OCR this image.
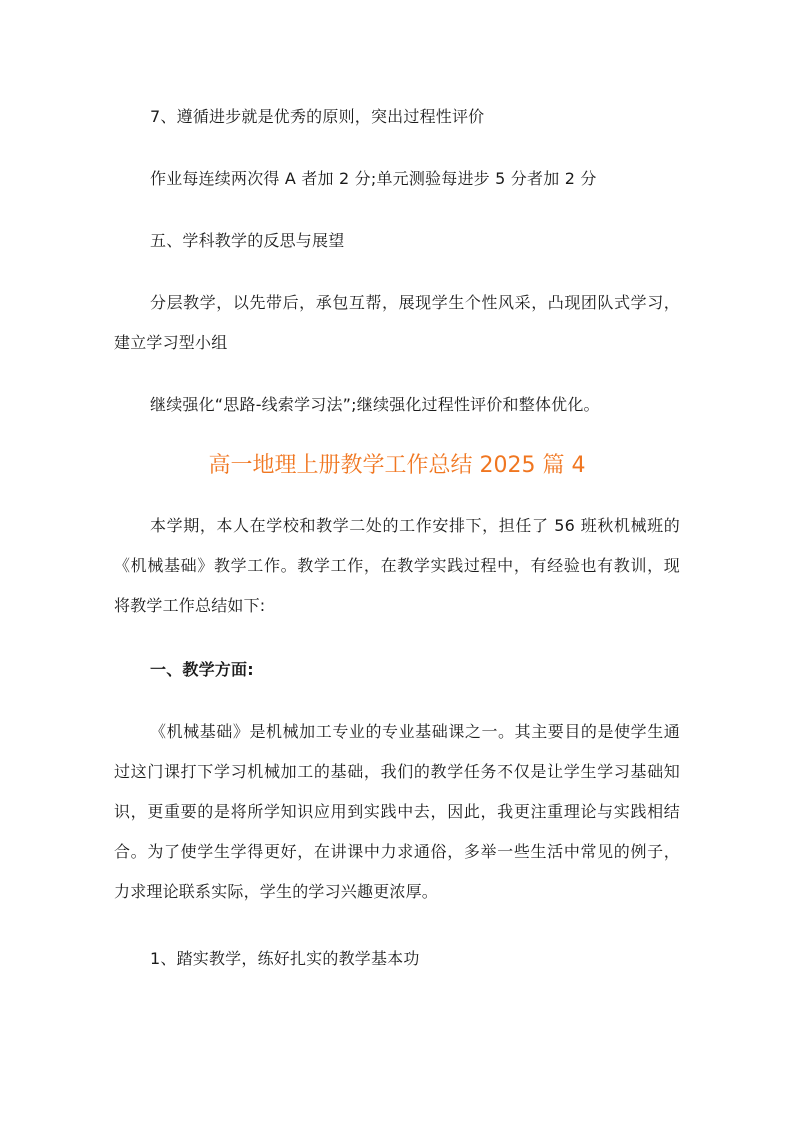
7、遵循进步就是优秀的原则，突出过程性评价

作业每连续两次得 A 者加 2 分;单元测验每进步 5 分者加 2 分

五、学科教学的反思与展望

分层教学，以先带后，承包互帮，展现学生个性风采，凸现团队式学习，建立学习型小组

继续强化“思路-线索学习法”;继续强化过程性评价和整体优化。

高一地理上册教学工作总结 2025 篇 4

本学期，本人在学校和教学二处的工作安排下，担任了 56 班秋机械班的《机械基础》教学工作。教学工作，在教学实践过程中，有经验也有教训，现将教学工作总结如下:

一、教学方面:

《机械基础》是机械加工专业的专业基础课之一。其主要目的是使学生通过这门课打下学习机械加工的基础，我们的教学任务不仅是让学生学习基础知识，更重要的是将所学知识应用到实践中去，因此，我更注重理论与实践相结合。为了使学生学得更好，在讲课中力求通俗，多举一些生活中常见的例子，力求理论联系实际，学生的学习兴趣更浓厚。

1、踏实教学，练好扎实的教学基本功
